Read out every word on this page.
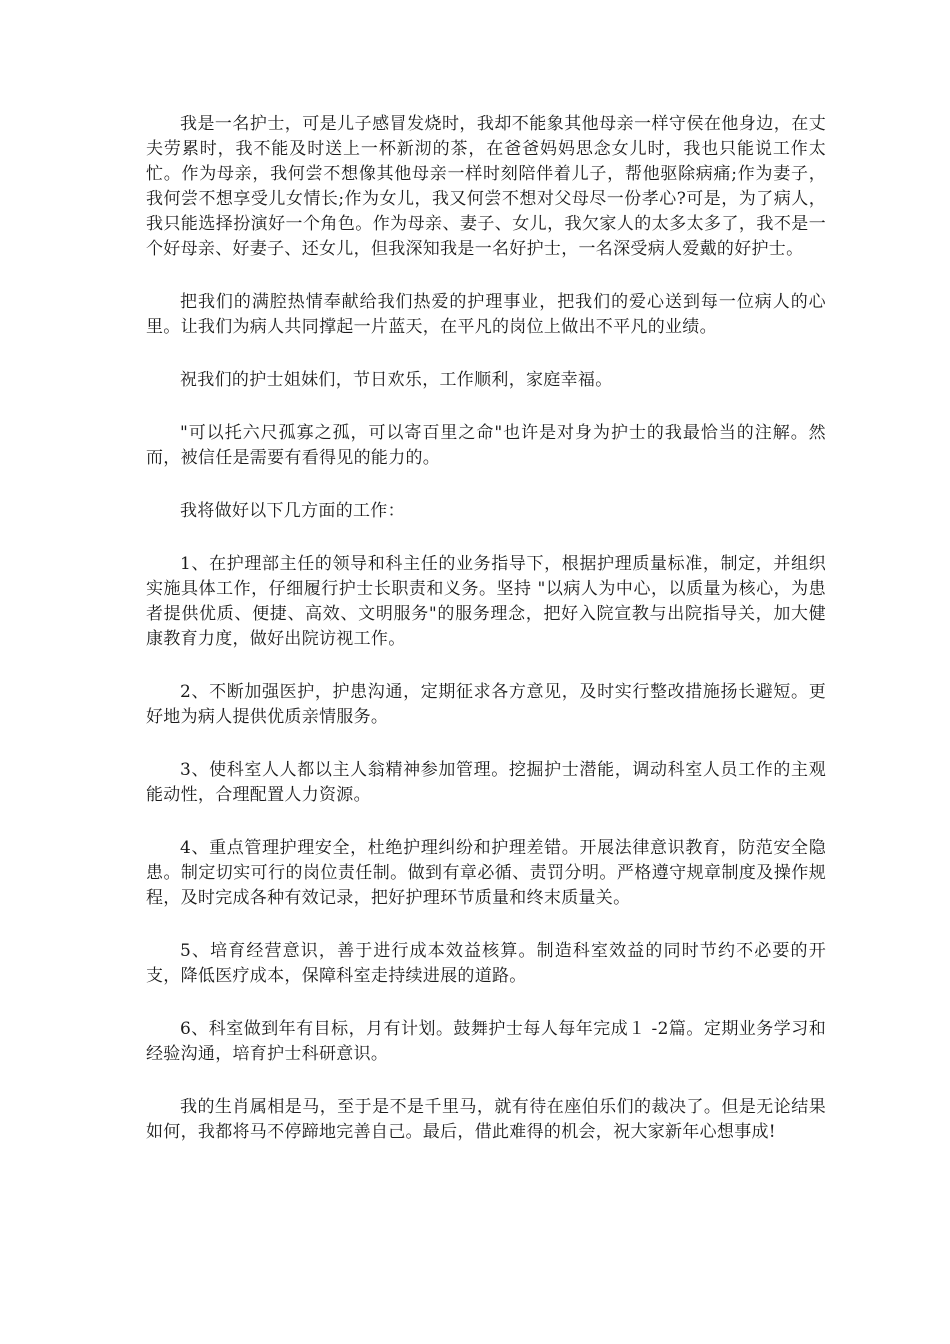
我是一名护士，可是儿子感冒发烧时，我却不能象其他母亲一样守侯在他身边，在丈夫劳累时，我不能及时送上一杯新沏的茶，在爸爸妈妈思念女儿时，我也只能说工作太忙。作为母亲，我何尝不想像其他母亲一样时刻陪伴着儿子，帮他驱除病痛;作为妻子，我何尝不想享受儿女情长;作为女儿，我又何尝不想对父母尽一份孝心?可是，为了病人，我只能选择扮演好一个角色。作为母亲、妻子、女儿，我欠家人的太多太多了，我不是一个好母亲、好妻子、还女儿，但我深知我是一名好护士，一名深受病人爱戴的好护士。

把我们的满腔热情奉献给我们热爱的护理事业，把我们的爱心送到每一位病人的心里。让我们为病人共同撑起一片蓝天，在平凡的岗位上做出不平凡的业绩。

祝我们的护士姐妹们，节日欢乐，工作顺利，家庭幸福。

"可以托六尺孤寡之孤，可以寄百里之命"也许是对身为护士的我最恰当的注解。然而，被信任是需要有看得见的能力的。

我将做好以下几方面的工作：

1、在护理部主任的领导和科主任的业务指导下，根据护理质量标准，制定，并组织实施具体工作，仔细履行护士长职责和义务。坚持 "以病人为中心，以质量为核心，为患者提供优质、便捷、高效、文明服务"的服务理念，把好入院宣教与出院指导关，加大健康教育力度，做好出院访视工作。

2、不断加强医护，护患沟通，定期征求各方意见，及时实行整改措施扬长避短。更好地为病人提供优质亲情服务。

3、使科室人人都以主人翁精神参加管理。挖掘护士潜能，调动科室人员工作的主观能动性，合理配置人力资源。

4、重点管理护理安全，杜绝护理纠纷和护理差错。开展法律意识教育，防范安全隐患。制定切实可行的岗位责任制。做到有章必循、责罚分明。严格遵守规章制度及操作规程，及时完成各种有效记录，把好护理环节质量和终末质量关。

5、培育经营意识，善于进行成本效益核算。制造科室效益的同时节约不必要的开支，降低医疗成本，保障科室走持续进展的道路。

6、科室做到年有目标，月有计划。鼓舞护士每人每年完成１ -2篇。定期业务学习和经验沟通，培育护士科研意识。

我的生肖属相是马，至于是不是千里马，就有待在座伯乐们的裁决了。但是无论结果如何，我都将马不停蹄地完善自己。最后，借此难得的机会，祝大家新年心想事成!
